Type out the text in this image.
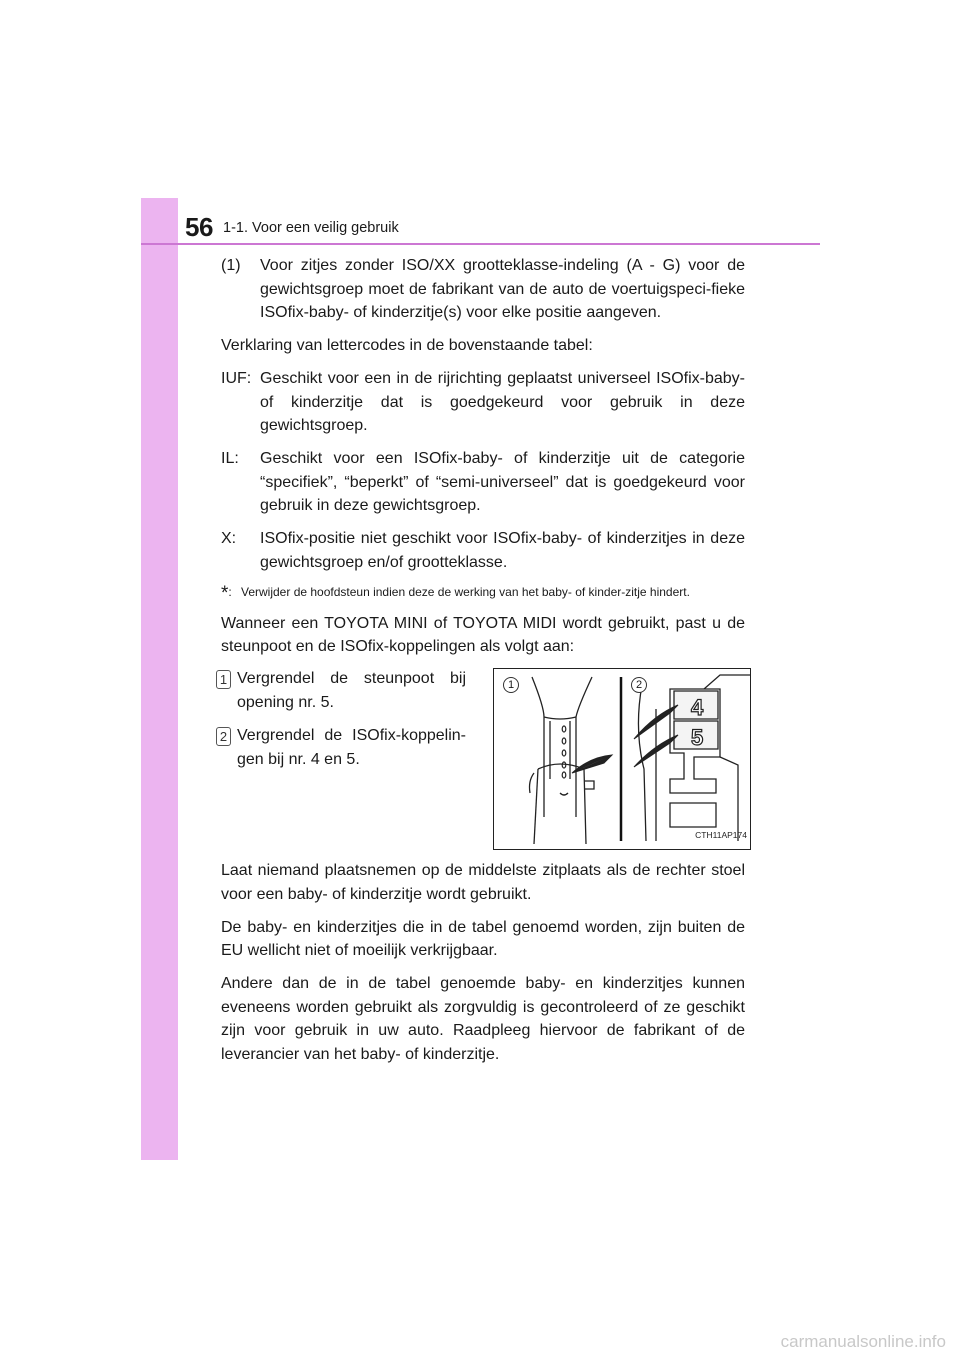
56 1-1. Voor een veilig gebruik
(1)	Voor zitjes zonder ISO/XX grootteklasse-indeling (A - G) voor de gewichtsgroep moet de fabrikant van de auto de voertuigspeci-fieke ISOfix-baby- of kinderzitje(s) voor elke positie aangeven.

Verklaring van lettercodes in de bovenstaande tabel:

IUF: Geschikt voor een in de rijrichting geplaatst universeel ISOfix-baby- of kinderzitje dat is goedgekeurd voor gebruik in deze gewichtsgroep.
IL:	Geschikt voor een ISOfix-baby- of kinderzitje uit de categorie “specifiek”, “beperkt” of “semi-universeel” dat is goedgekeurd voor gebruik in deze gewichtsgroep.
X:	ISOfix-positie niet geschikt voor ISOfix-baby- of kinderzitjes in deze gewichtsgroep en/of grootteklasse.
*: Verwijder de hoofdsteun indien deze de werking van het baby- of kinder-zitje hindert.

Wanneer een TOYOTA MINI of TOYOTA MIDI wordt gebruikt, past u de steunpoot en de ISOfix-koppelingen als volgt aan:

1 Vergrendel de steunpoot bij opening nr. 5.
2 Vergrendel de ISOfix-koppelin-gen bij nr. 4 en 5.
4
5
1	2
CTH11AP174

Laat niemand plaatsnemen op de middelste zitplaats als de rechter stoel voor een baby- of kinderzitje wordt gebruikt.

De baby- en kinderzitjes die in de tabel genoemd worden, zijn buiten de EU wellicht niet of moeilijk verkrijgbaar.

Andere dan de in de tabel genoemde baby- en kinderzitjes kunnen eveneens worden gebruikt als zorgvuldig is gecontroleerd of ze geschikt zijn voor gebruik in uw auto. Raadpleeg hiervoor de fabrikant of de leverancier van het baby- of kinderzitje.

carmanualsonline.info
